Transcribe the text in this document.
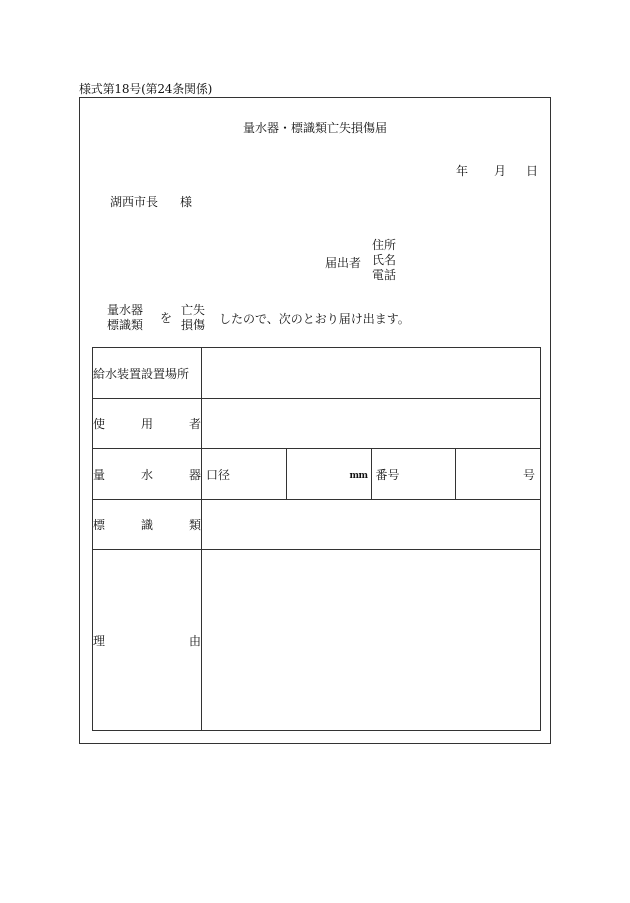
様式第18号(第24条関係)
量水器・標識類亡失損傷届
年 月 日
湖西市長 様
届出者
住所
氏名
電話
量水器
標識類 を
亡失
損傷 したので、次のとおり届け出ます。
給水装置設置場所				

使 用 者				

量 水 器	口径	mm	番号	号

標 識 類				

理 由				
